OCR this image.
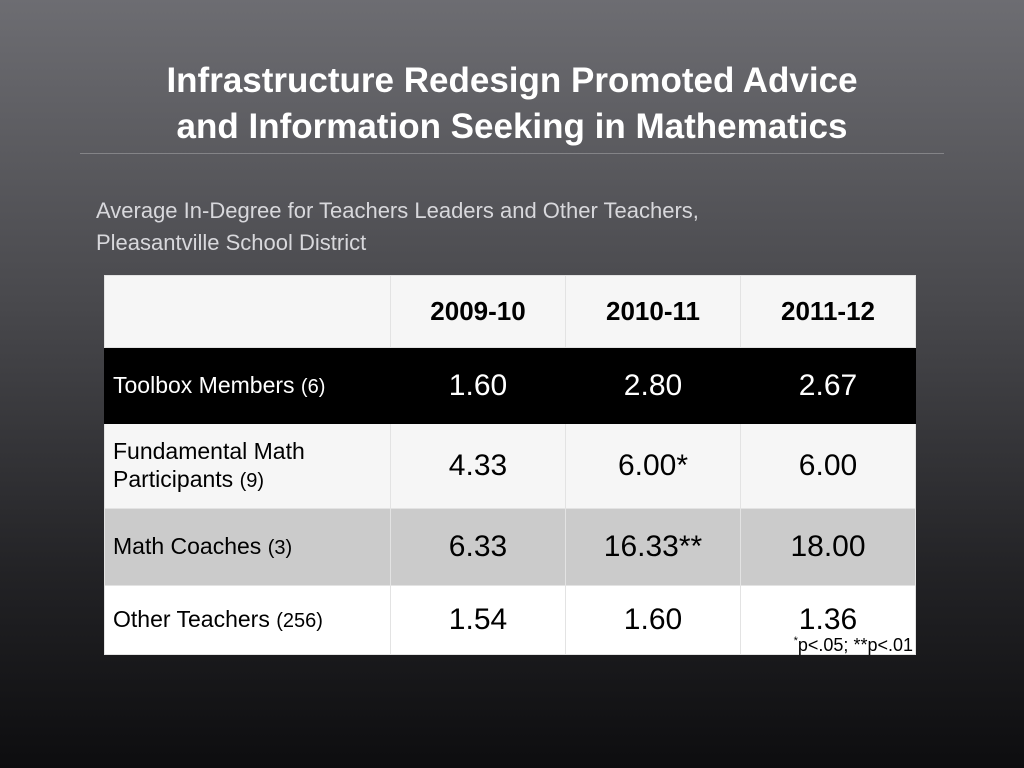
Infrastructure Redesign Promoted Advice
and Information Seeking in Mathematics
Average In-Degree for Teachers Leaders and Other Teachers,
Pleasantville School District
	2009-10	2010-11	2011-12
Toolbox Members (6)	1.60	2.80	2.67
Fundamental Math
Participants (9)	4.33	6.00*	6.00
Math Coaches (3)	6.33	16.33**	18.00
Other Teachers (256)	1.54	1.60	1.36
*p<.05; **p<.01
